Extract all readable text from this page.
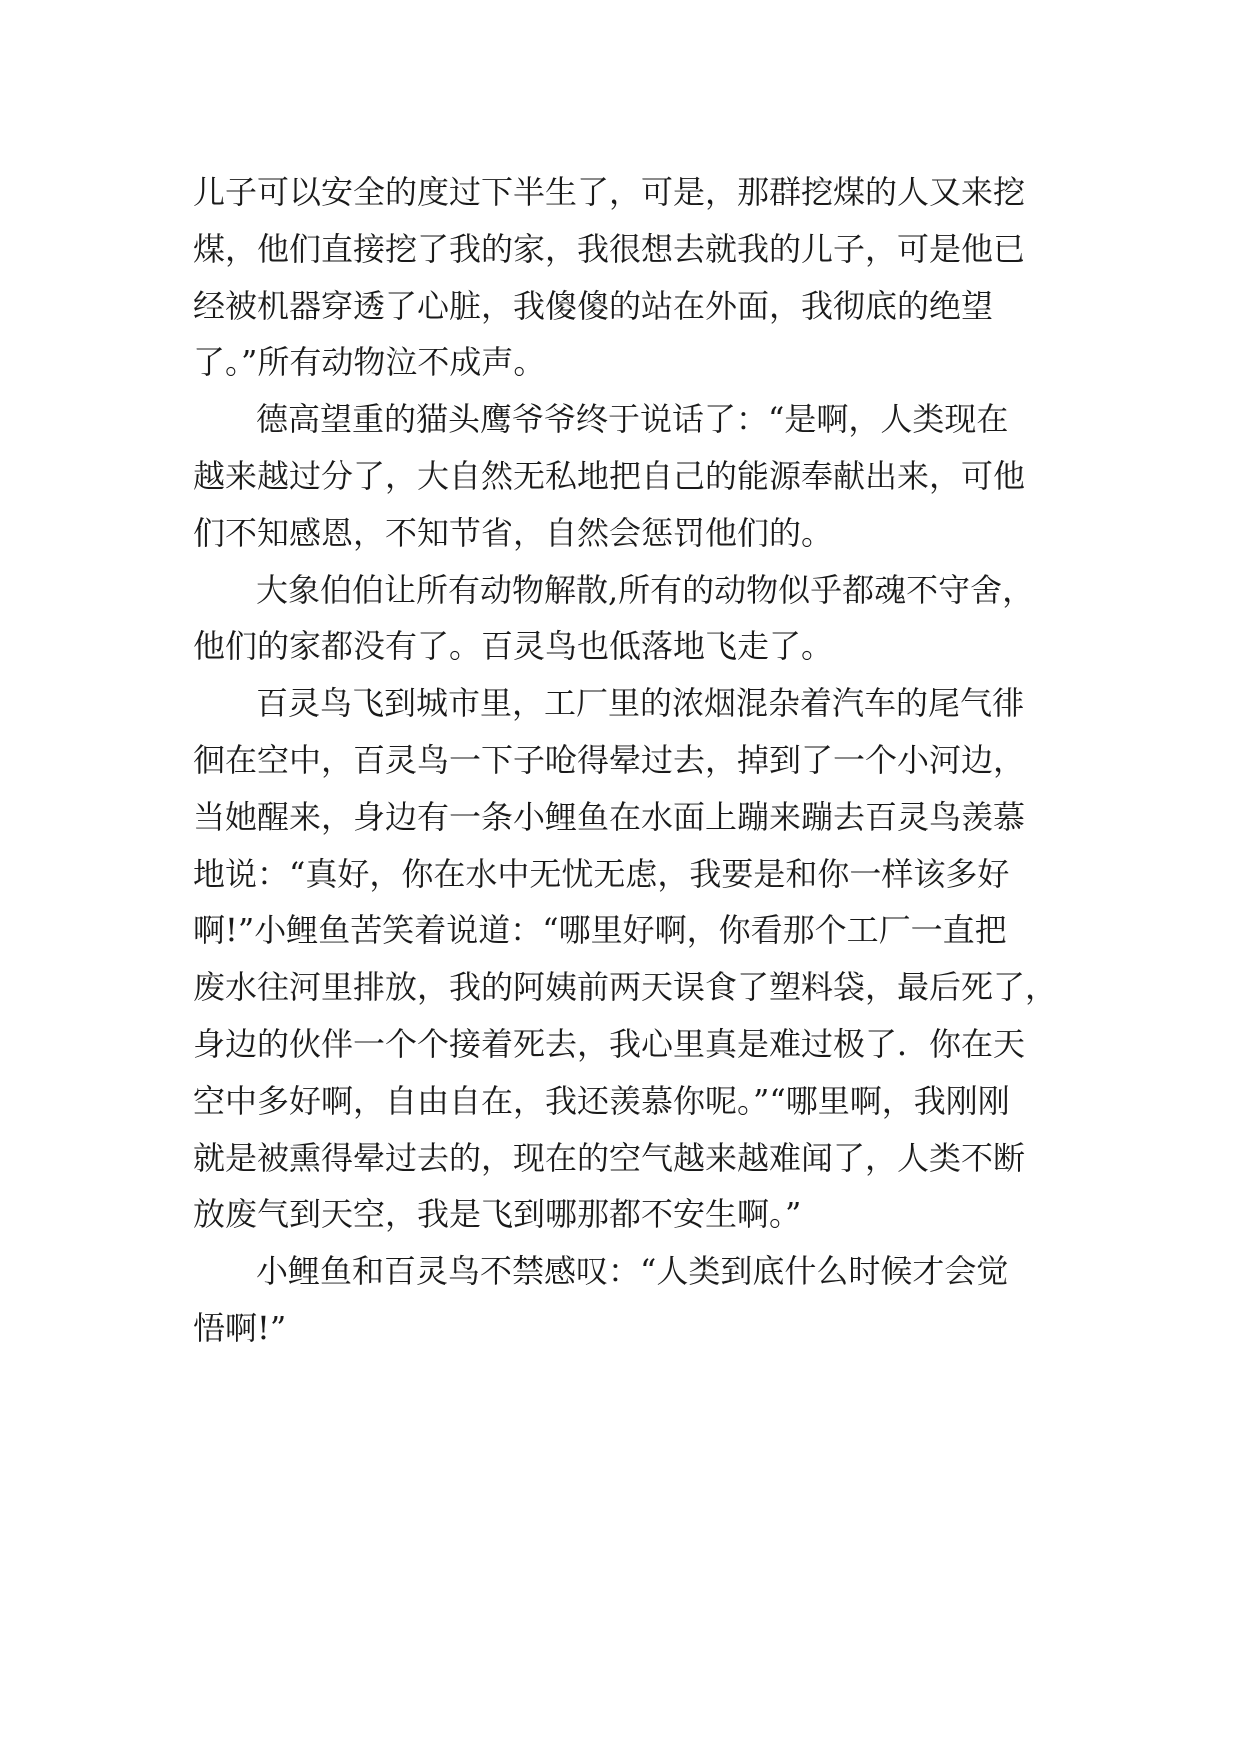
儿子可以安全的度过下半生了，可是，那群挖煤的人又来挖
煤，他们直接挖了我的家，我很想去就我的儿子，可是他已
经被机器穿透了心脏，我傻傻的站在外面，我彻底的绝望
了。”所有动物泣不成声。
德高望重的猫头鹰爷爷终于说话了：“是啊，人类现在
越来越过分了，大自然无私地把自己的能源奉献出来，可他
们不知感恩，不知节省，自然会惩罚他们的。
大象伯伯让所有动物解散,所有的动物似乎都魂不守舍，
他们的家都没有了。百灵鸟也低落地飞走了。
百灵鸟飞到城市里，工厂里的浓烟混杂着汽车的尾气徘
徊在空中，百灵鸟一下子呛得晕过去，掉到了一个小河边，
当她醒来，身边有一条小鲤鱼在水面上蹦来蹦去百灵鸟羡慕
地说：“真好，你在水中无忧无虑，我要是和你一样该多好
啊!”小鲤鱼苦笑着说道：“哪里好啊，你看那个工厂一直把
废水往河里排放，我的阿姨前两天误食了塑料袋，最后死了，
身边的伙伴一个个接着死去，我心里真是难过极了．你在天
空中多好啊，自由自在，我还羡慕你呢。”“哪里啊，我刚刚
就是被熏得晕过去的，现在的空气越来越难闻了，人类不断
放废气到天空，我是飞到哪那都不安生啊。”
小鲤鱼和百灵鸟不禁感叹：“人类到底什么时候才会觉
悟啊!”
